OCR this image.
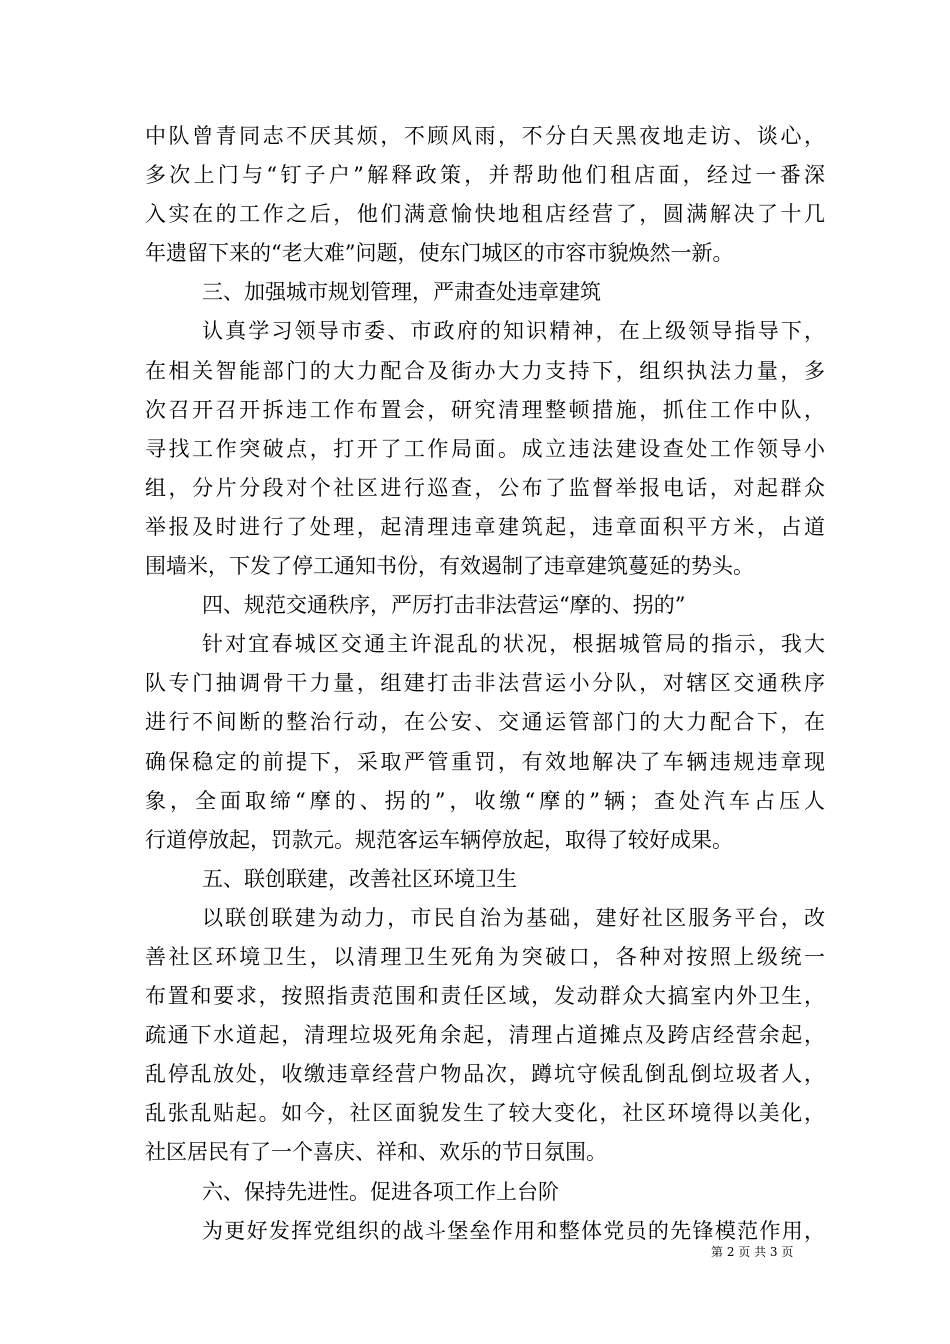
中队曾青同志不厌其烦，不顾风雨，不分白天黑夜地走访、谈心，
多次上门与“钉子户”解释政策，并帮助他们租店面，经过一番深
入实在的工作之后，他们满意愉快地租店经营了，圆满解决了十几
年遗留下来的“老大难”问题，使东门城区的市容市貌焕然一新。
三、加强城市规划管理，严肃查处违章建筑
认真学习领导市委、市政府的知识精神，在上级领导指导下，
在相关智能部门的大力配合及街办大力支持下，组织执法力量，多
次召开召开拆违工作布置会，研究清理整顿措施，抓住工作中队，
寻找工作突破点，打开了工作局面。成立违法建设查处工作领导小
组，分片分段对个社区进行巡查，公布了监督举报电话，对起群众
举报及时进行了处理，起清理违章建筑起，违章面积平方米，占道
围墙米，下发了停工通知书份，有效遏制了违章建筑蔓延的势头。
四、规范交通秩序，严厉打击非法营运“摩的、拐的”
针对宜春城区交通主许混乱的状况，根据城管局的指示，我大
队专门抽调骨干力量，组建打击非法营运小分队，对辖区交通秩序
进行不间断的整治行动，在公安、交通运管部门的大力配合下，在
确保稳定的前提下，采取严管重罚，有效地解决了车辆违规违章现
象，全面取缔“摩的、拐的”，收缴“摩的”辆；查处汽车占压人
行道停放起，罚款元。规范客运车辆停放起，取得了较好成果。
五、联创联建，改善社区环境卫生
以联创联建为动力，市民自治为基础，建好社区服务平台，改
善社区环境卫生，以清理卫生死角为突破口，各种对按照上级统一
布置和要求，按照指责范围和责任区域，发动群众大搞室内外卫生，
疏通下水道起，清理垃圾死角余起，清理占道摊点及跨店经营余起，
乱停乱放处，收缴违章经营户物品次，蹲坑守候乱倒乱倒垃圾者人，
乱张乱贴起。如今，社区面貌发生了较大变化，社区环境得以美化，
社区居民有了一个喜庆、祥和、欢乐的节日氛围。
六、保持先进性。促进各项工作上台阶
为更好发挥党组织的战斗堡垒作用和整体党员的先锋模范作用，
第 2 页 共 3 页
